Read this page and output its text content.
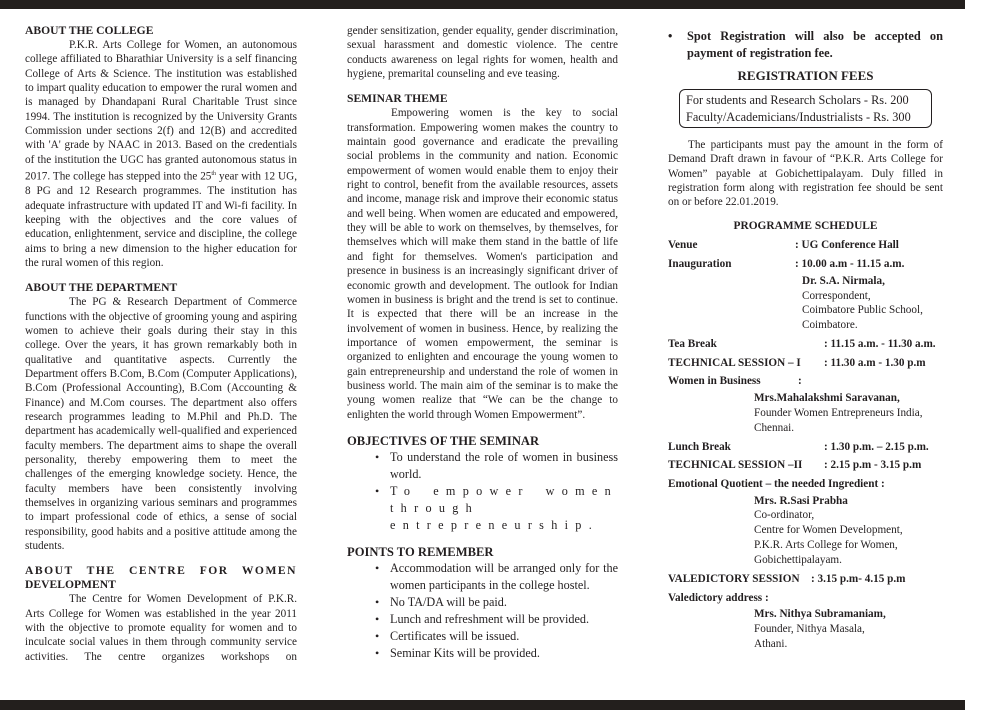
ABOUT THE COLLEGE

P.K.R. Arts College for Women, an autonomous college affiliated to Bharathiar University is a self financing College of Arts & Science. The institution was established to impart quality education to empower the rural women and is managed by Dhandapani Rural Charitable Trust since 1994. The institution is recognized by the University Grants Commission under sections 2(f) and 12(B) and accredited with 'A' grade by NAAC in 2013. Based on the credentials of the institution the UGC has granted autonomous status in 2017. The college has stepped into the 25th year with 12 UG, 8 PG and 12 Research programmes. The institution has adequate infrastructure with updated IT and Wi-fi facility. In keeping with the objectives and the core values of education, enlightenment, service and discipline, the college aims to bring a new dimension to the higher education for the rural women of this region.

ABOUT THE DEPARTMENT

The PG & Research Department of Commerce functions with the objective of grooming young and aspiring women to achieve their goals during their stay in this college. Over the years, it has grown remarkably both in qualitative and quantitative aspects. Currently the Department offers B.Com, B.Com (Computer Applications), B.Com (Professional Accounting), B.Com (Accounting & Finance) and M.Com courses. The department also offers research programmes leading to M.Phil and Ph.D. The department has academically well-qualified and experienced faculty members. The department aims to shape the overall personality, thereby empowering them to meet the challenges of the emerging knowledge society. Hence, the faculty members have been consistently involving themselves in organizing various seminars and programmes to impart professional code of ethics, a sense of social responsibility, good habits and a positive attitude among the students.

ABOUT THE CENTRE FOR WOMEN

DEVELOPMENT

The Centre for Women Development of P.K.R. Arts College for Women was established in the year 2011 with the objective to promote equality for women and to inculcate social values in them through community service activities. The centre organizes workshops on

gender sensitization, gender equality, gender discrimination, sexual harassment and domestic violence. The centre conducts awareness on legal rights for women, health and hygiene, premarital counseling and eve teasing.

SEMINAR THEME

Empowering women is the key to social transformation. Empowering women makes the country to maintain good governance and eradicate the prevailing social problems in the community and nation. Economic empowerment of women would enable them to enjoy their right to control, benefit from the available resources, assets and income, manage risk and improve their economic status and well being. When women are educated and empowered, they will be able to work on themselves, by themselves, for themselves which will make them stand in the battle of life and fight for themselves. Women's participation and presence in business is an increasingly significant driver of economic growth and development. The outlook for Indian women in business is bright and the trend is set to continue. It is expected that there will be an increase in the involvement of women in business. Hence, by realizing the importance of women empowerment, the seminar is organized to enlighten and encourage the young women to gain entrepreneurship and understand the role of women in business world. The main aim of the seminar is to make the young women realize that “We can be the change to enlighten the world through Women Empowerment”.

OBJECTIVES OF THE SEMINAR

• To understand the role of women in business world.
• To empower women through entrepreneurship.

POINTS TO REMEMBER

• Accommodation will be arranged only for the women participants in the college hostel.
• No TA/DA will be paid.
• Lunch and refreshment will be provided.
• Certificates will be issued.
• Seminar Kits will be provided.

• Spot Registration will also be accepted on payment of registration fee.

REGISTRATION FEES

For students and Research Scholars - Rs. 200
Faculty/Academicians/Industrialists - Rs. 300

The participants must pay the amount in the form of Demand Draft drawn in favour of “P.K.R. Arts College for Women” payable at Gobichettipalayam. Duly filled in registration form along with registration fee should be sent on or before 22.01.2019.

PROGRAMME SCHEDULE

Venue	: UG Conference Hall
Inauguration	: 10.00 a.m - 11.15 a.m.
Dr. S.A. Nirmala,
Correspondent,
Coimbatore Public School,
Coimbatore.
Tea Break	: 11.15 a.m. - 11.30 a.m.
TECHNICAL SESSION – I : 11.30 a.m - 1.30 p.m
Women in Business	:
Mrs.Mahalakshmi Saravanan,
Founder Women Entrepreneurs India,
Chennai.
Lunch Break	: 1.30 p.m. – 2.15 p.m.
TECHNICAL SESSION –II : 2.15 p.m - 3.15 p.m
Emotional Quotient – the needed Ingredient :
Mrs. R.Sasi Prabha
Co-ordinator,
Centre for Women Development,
P.K.R. Arts College for Women,
Gobichettipalayam.
VALEDICTORY SESSION : 3.15 p.m- 4.15 p.m
Valedictory address :
Mrs. Nithya Subramaniam,
Founder, Nithya Masala,
Athani.
